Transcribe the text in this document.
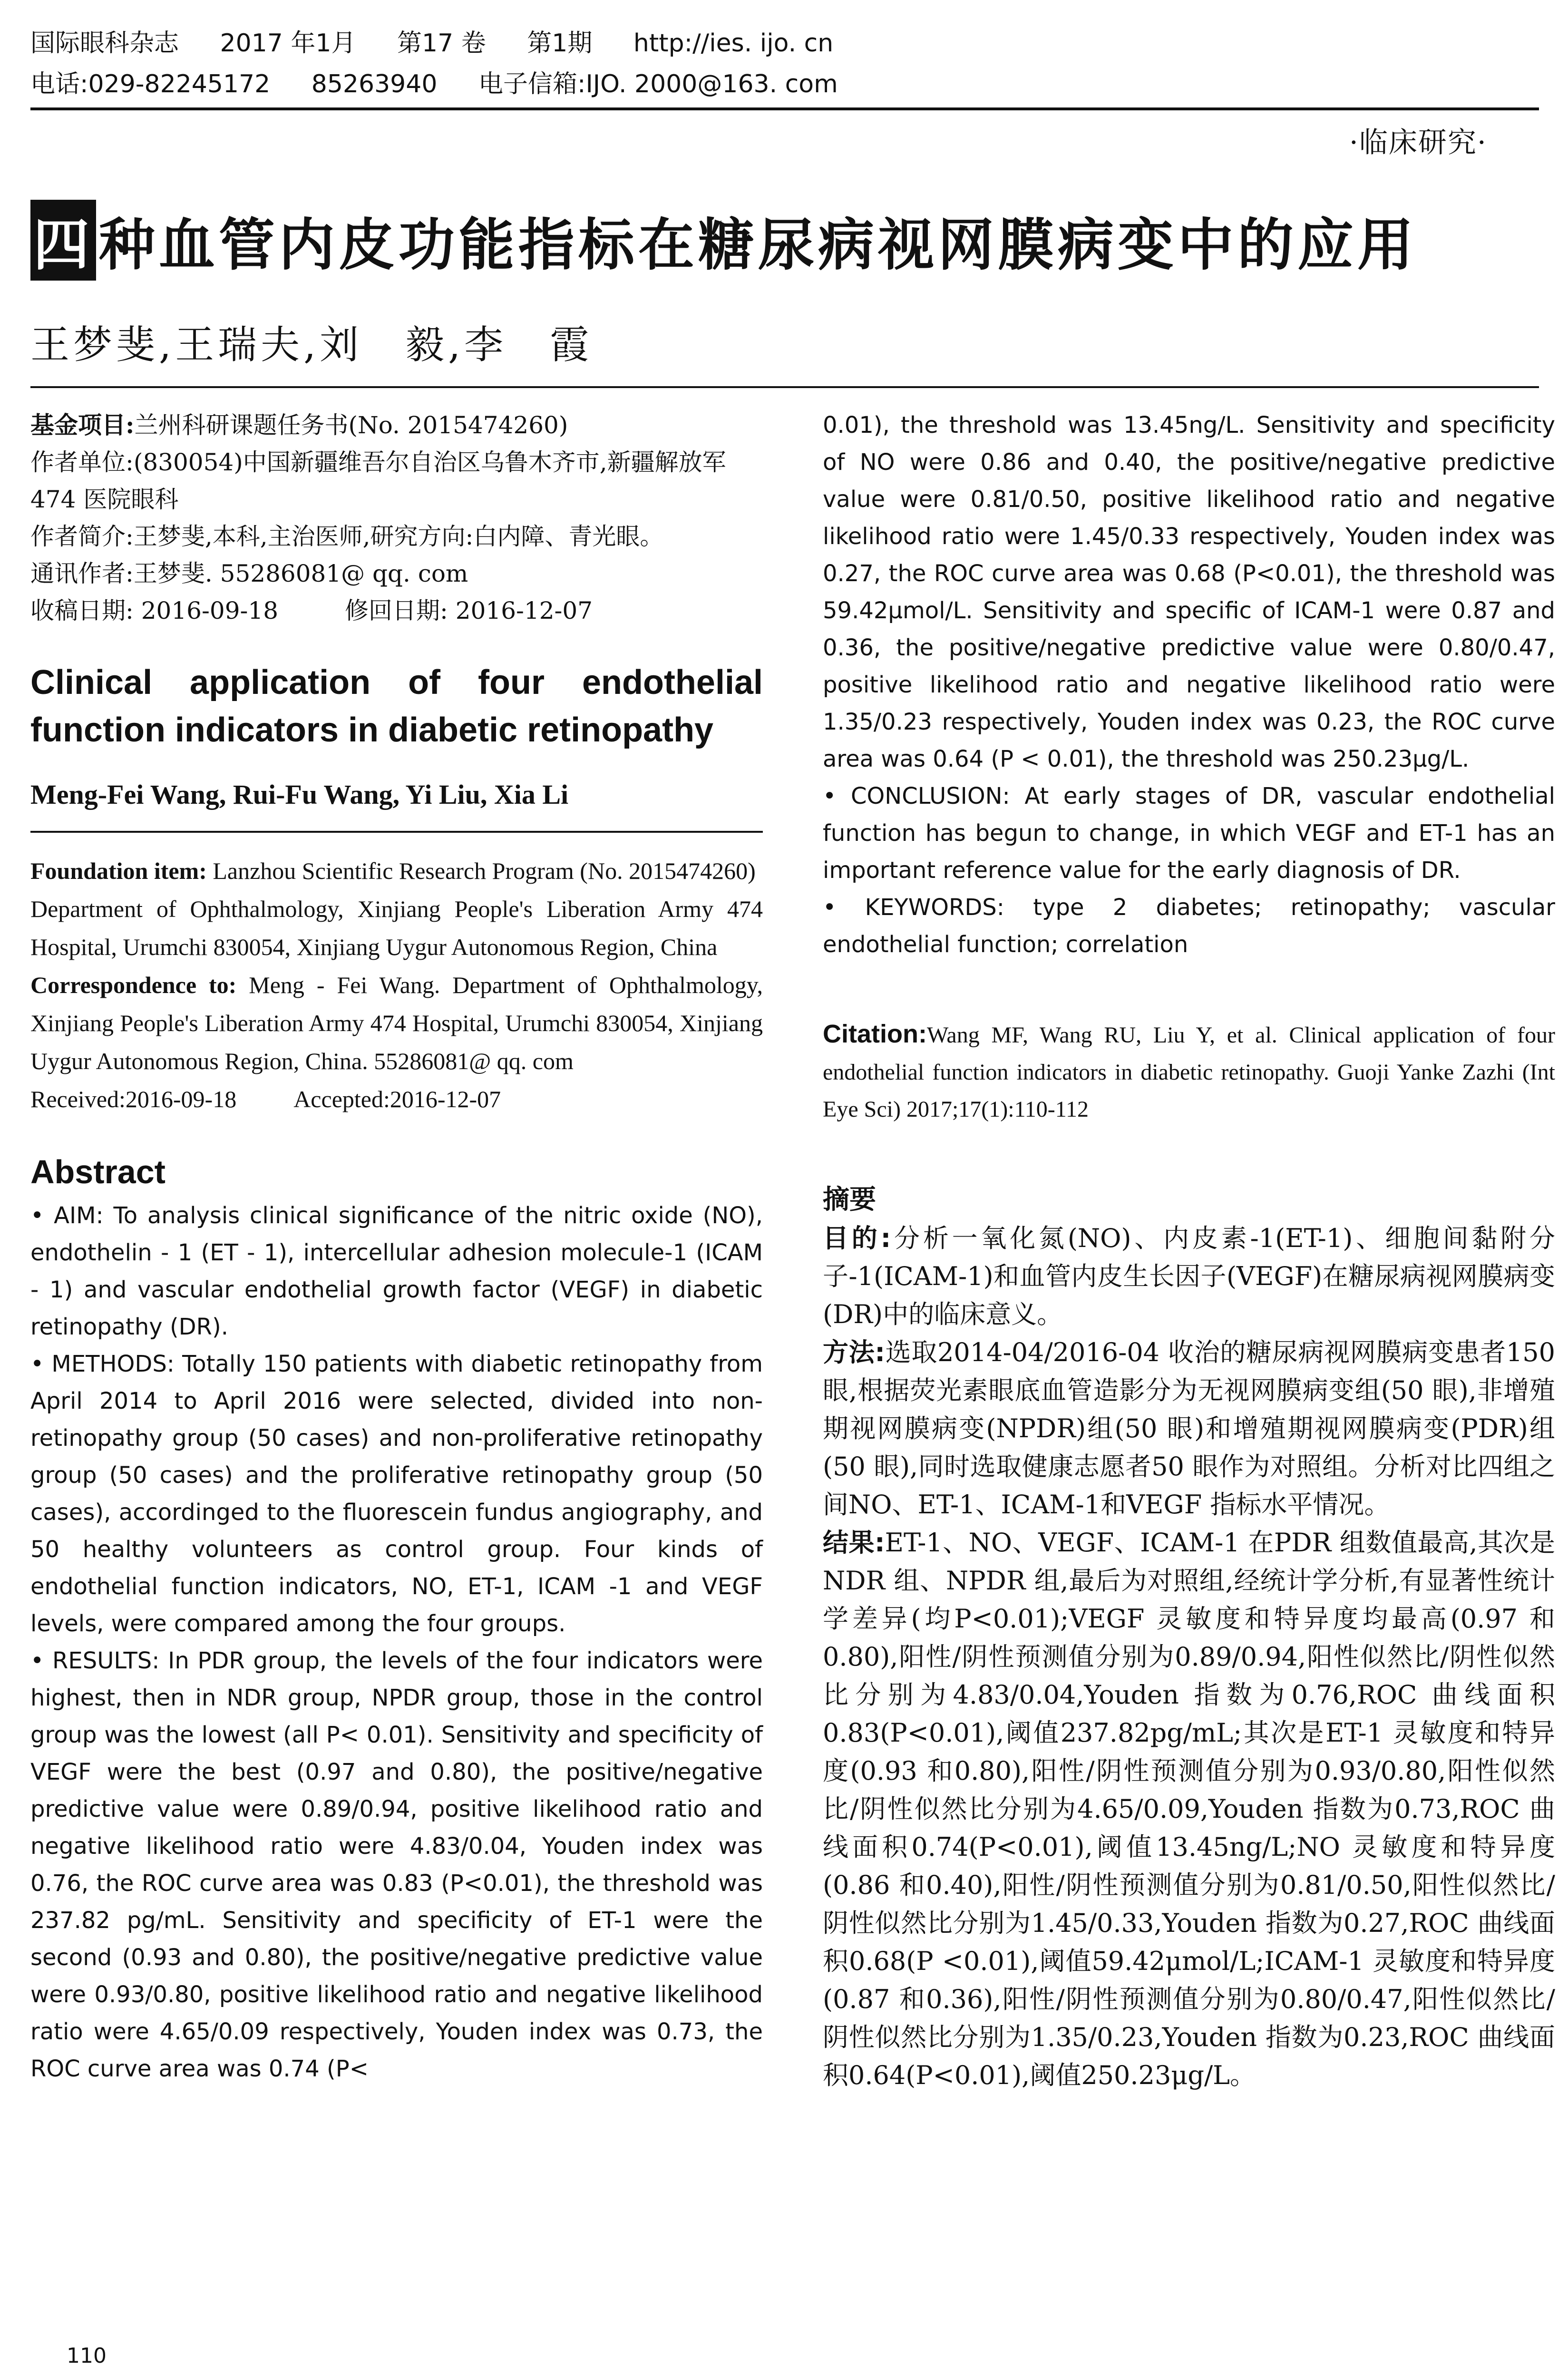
国际眼科杂志 2017 年1月 第17 卷 第1期 http://ies. ijo. cn
电话:029-82245172 85263940 电子信箱:IJO. 2000@163. com
·临床研究·
四 种血管内皮功能指标在糖尿病视网膜病变中的应用
王梦斐,王瑞夫,刘　毅,李　霞

基金项目:兰州科研课题任务书(No. 2015474260)

作者单位:(830054)中国新疆维吾尔自治区乌鲁木齐市,新疆解放军474 医院眼科

作者简介:王梦斐,本科,主治医师,研究方向:白内障、青光眼。

通讯作者:王梦斐. 55286081@ qq. com

收稿日期: 2016-09-18	修回日期: 2016-12-07

Clinical application of four endothelial function indicators in diabetic retinopathy
Meng-Fei Wang, Rui-Fu Wang, Yi Liu, Xia Li

Foundation item: Lanzhou Scientific Research Program (No. 2015474260)

Department of Ophthalmology, Xinjiang People's Liberation Army 474 Hospital, Urumchi 830054, Xinjiang Uygur Autonomous Region, China

Correspondence to: Meng - Fei Wang. Department of Ophthalmology, Xinjiang People's Liberation Army 474 Hospital, Urumchi 830054, Xinjiang Uygur Autonomous Region, China. 55286081@ qq. com

Received:2016-09-18 Accepted:2016-12-07

Abstract

• AIM: To analysis clinical significance of the nitric oxide (NO), endothelin - 1 (ET - 1), intercellular adhesion molecule-1 (ICAM - 1) and vascular endothelial growth factor (VEGF) in diabetic retinopathy (DR).

• METHODS: Totally 150 patients with diabetic retinopathy from April 2014 to April 2016 were selected, divided into non-retinopathy group (50 cases) and non-proliferative retinopathy group (50 cases) and the proliferative retinopathy group (50 cases), accordinged to the fluorescein fundus angiography, and 50 healthy volunteers as control group. Four kinds of endothelial function indicators, NO, ET-1, ICAM -1 and VEGF levels, were compared among the four groups.

• RESULTS: In PDR group, the levels of the four indicators were highest, then in NDR group, NPDR group, those in the control group was the lowest (all P< 0.01). Sensitivity and specificity of VEGF were the best (0.97 and 0.80), the positive/negative predictive value were 0.89/0.94, positive likelihood ratio and negative likelihood ratio were 4.83/0.04, Youden index was 0.76, the ROC curve area was 0.83 (P<0.01), the threshold was 237.82 pg/mL. Sensitivity and specificity of ET-1 were the second (0.93 and 0.80), the positive/negative predictive value were 0.93/0.80, positive likelihood ratio and negative likelihood ratio were 4.65/0.09 respectively, Youden index was 0.73, the ROC curve area was 0.74 (P<

0.01), the threshold was 13.45ng/L. Sensitivity and specificity of NO were 0.86 and 0.40, the positive/negative predictive value were 0.81/0.50, positive likelihood ratio and negative likelihood ratio were 1.45/0.33 respectively, Youden index was 0.27, the ROC curve area was 0.68 (P<0.01), the threshold was 59.42μmol/L. Sensitivity and specific of ICAM-1 were 0.87 and 0.36, the positive/negative predictive value were 0.80/0.47, positive likelihood ratio and negative likelihood ratio were 1.35/0.23 respectively, Youden index was 0.23, the ROC curve area was 0.64 (P < 0.01), the threshold was 250.23μg/L.

• CONCLUSION: At early stages of DR, vascular endothelial function has begun to change, in which VEGF and ET-1 has an important reference value for the early diagnosis of DR.

• KEYWORDS: type 2 diabetes; retinopathy; vascular endothelial function; correlation

Citation:Wang MF, Wang RU, Liu Y, et al. Clinical application of four endothelial function indicators in diabetic retinopathy. Guoji Yanke Zazhi (Int Eye Sci) 2017;17(1):110-112
摘要

目的:分析一氧化氮(NO)、内皮素-1(ET-1)、细胞间黏附分子-1(ICAM-1)和血管内皮生长因子(VEGF)在糖尿病视网膜病变(DR)中的临床意义。

方法:选取2014-04/2016-04 收治的糖尿病视网膜病变患者150 眼,根据荧光素眼底血管造影分为无视网膜病变组(50 眼),非增殖期视网膜病变(NPDR)组(50 眼)和增殖期视网膜病变(PDR)组(50 眼),同时选取健康志愿者50 眼作为对照组。分析对比四组之间NO、ET-1、ICAM-1和VEGF 指标水平情况。

结果:ET-1、NO、VEGF、ICAM-1 在PDR 组数值最高,其次是NDR 组、NPDR 组,最后为对照组,经统计学分析,有显著性统计学差异(均P<0.01);VEGF 灵敏度和特异度均最高(0.97 和0.80),阳性/阴性预测值分别为0.89/0.94,阳性似然比/阴性似然比分别为4.83/0.04,Youden 指数为0.76,ROC 曲线面积0.83(P<0.01),阈值237.82pg/mL;其次是ET-1 灵敏度和特异度(0.93 和0.80),阳性/阴性预测值分别为0.93/0.80,阳性似然比/阴性似然比分别为4.65/0.09,Youden 指数为0.73,ROC 曲线面积0.74(P<0.01),阈值13.45ng/L;NO 灵敏度和特异度(0.86 和0.40),阳性/阴性预测值分别为0.81/0.50,阳性似然比/阴性似然比分别为1.45/0.33,Youden 指数为0.27,ROC 曲线面积0.68(P <0.01),阈值59.42μmol/L;ICAM-1 灵敏度和特异度(0.87 和0.36),阳性/阴性预测值分别为0.80/0.47,阳性似然比/阴性似然比分别为1.35/0.23,Youden 指数为0.23,ROC 曲线面积0.64(P<0.01),阈值250.23μg/L。

110
